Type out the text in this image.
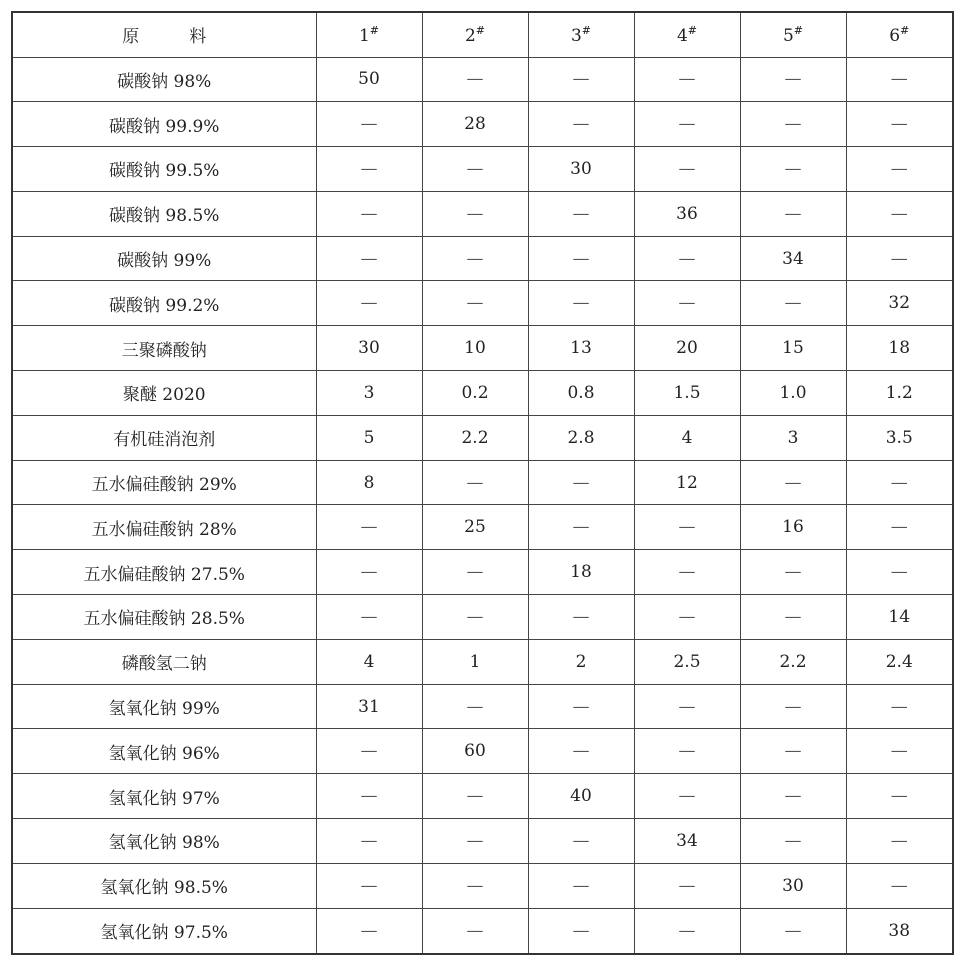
原 料	1#	2#	3#	4#	5#	6#
碳酸钠 98%	50	—	—	—	—	—
碳酸钠 99.9%	—	28	—	—	—	—
碳酸钠 99.5%	—	—	30	—	—	—
碳酸钠 98.5%	—	—	—	36	—	—
碳酸钠 99%	—	—	—	—	34	—
碳酸钠 99.2%	—	—	—	—	—	32
三聚磷酸钠	30	10	13	20	15	18
聚醚 2020	3	0.2	0.8	1.5	1.0	1.2
有机硅消泡剂	5	2.2	2.8	4	3	3.5
五水偏硅酸钠 29%	8	—	—	12	—	—
五水偏硅酸钠 28%	—	25	—	—	16	—
五水偏硅酸钠 27.5%	—	—	18	—	—	—
五水偏硅酸钠 28.5%	—	—	—	—	—	14
磷酸氢二钠	4	1	2	2.5	2.2	2.4
氢氧化钠 99%	31	—	—	—	—	—
氢氧化钠 96%	—	60	—	—	—	—
氢氧化钠 97%	—	—	40	—	—	—
氢氧化钠 98%	—	—	—	34	—	—
氢氧化钠 98.5%	—	—	—	—	30	—
氢氧化钠 97.5%	—	—	—	—	—	38
